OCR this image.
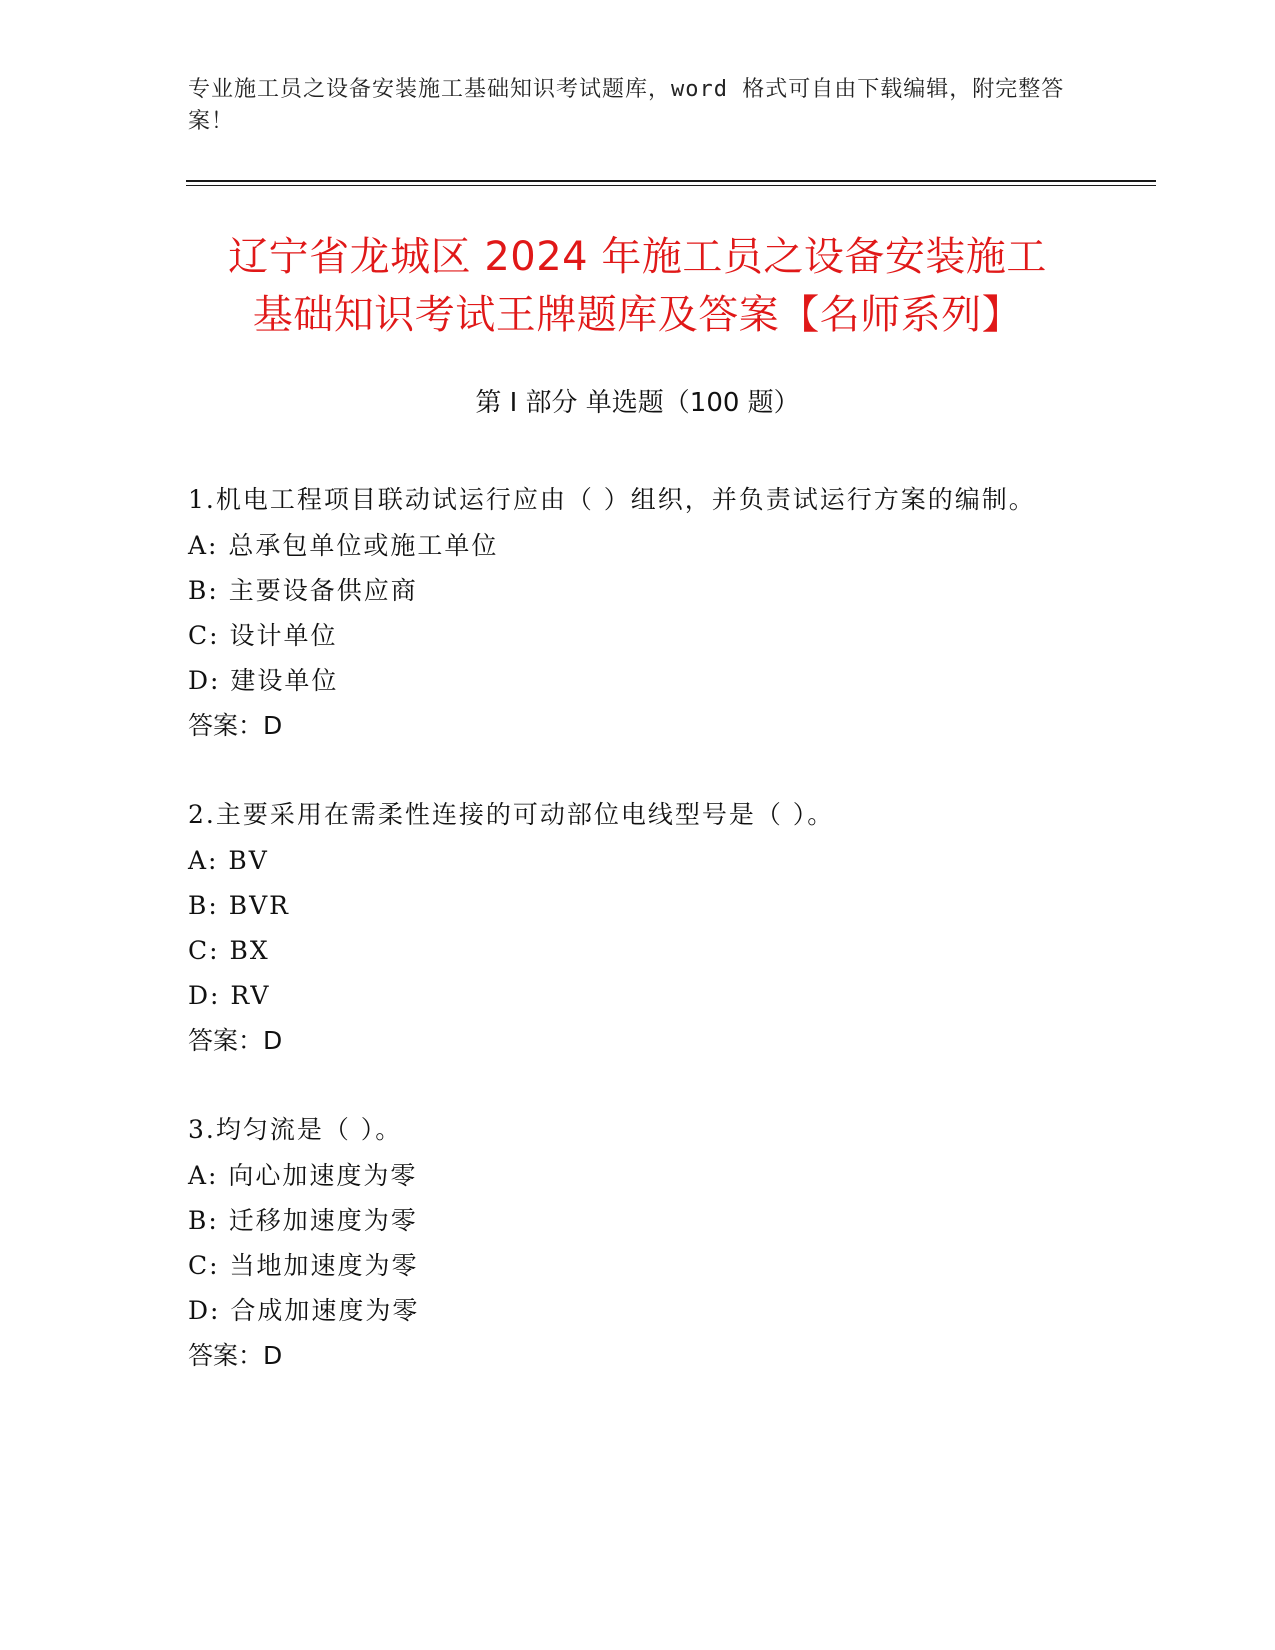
专业施工员之设备安装施工基础知识考试题库，word 格式可自由下载编辑，附完整答案！
辽宁省龙城区 2024 年施工员之设备安装施工
基础知识考试王牌题库及答案【名师系列】
第 I 部分 单选题（100 题）
1.机电工程项目联动试运行应由（ ）组织，并负责试运行方案的编制。
A: 总承包单位或施工单位
B: 主要设备供应商
C: 设计单位
D: 建设单位
答案：D
2.主要采用在需柔性连接的可动部位电线型号是（ ）。
A: BV
B: BVR
C: BX
D: RV
答案：D
3.均匀流是（ ）。
A: 向心加速度为零
B: 迁移加速度为零
C: 当地加速度为零
D: 合成加速度为零
答案：D
